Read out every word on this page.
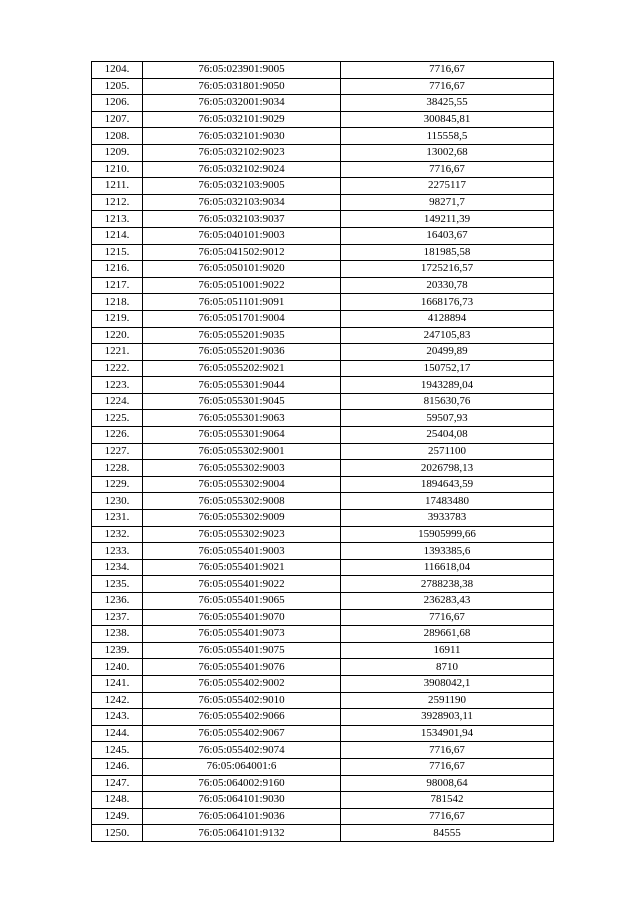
1204.	76:05:023901:9005	7716,67
1205.	76:05:031801:9050	7716,67
1206.	76:05:032001:9034	38425,55
1207.	76:05:032101:9029	300845,81
1208.	76:05:032101:9030	115558,5
1209.	76:05:032102:9023	13002,68
1210.	76:05:032102:9024	7716,67
1211.	76:05:032103:9005	2275117
1212.	76:05:032103:9034	98271,7
1213.	76:05:032103:9037	149211,39
1214.	76:05:040101:9003	16403,67
1215.	76:05:041502:9012	181985,58
1216.	76:05:050101:9020	1725216,57
1217.	76:05:051001:9022	20330,78
1218.	76:05:051101:9091	1668176,73
1219.	76:05:051701:9004	4128894
1220.	76:05:055201:9035	247105,83
1221.	76:05:055201:9036	20499,89
1222.	76:05:055202:9021	150752,17
1223.	76:05:055301:9044	1943289,04
1224.	76:05:055301:9045	815630,76
1225.	76:05:055301:9063	59507,93
1226.	76:05:055301:9064	25404,08
1227.	76:05:055302:9001	2571100
1228.	76:05:055302:9003	2026798,13
1229.	76:05:055302:9004	1894643,59
1230.	76:05:055302:9008	17483480
1231.	76:05:055302:9009	3933783
1232.	76:05:055302:9023	15905999,66
1233.	76:05:055401:9003	1393385,6
1234.	76:05:055401:9021	116618,04
1235.	76:05:055401:9022	2788238,38
1236.	76:05:055401:9065	236283,43
1237.	76:05:055401:9070	7716,67
1238.	76:05:055401:9073	289661,68
1239.	76:05:055401:9075	16911
1240.	76:05:055401:9076	8710
1241.	76:05:055402:9002	3908042,1
1242.	76:05:055402:9010	2591190
1243.	76:05:055402:9066	3928903,11
1244.	76:05:055402:9067	1534901,94
1245.	76:05:055402:9074	7716,67
1246.	76:05:064001:6	7716,67
1247.	76:05:064002:9160	98008,64
1248.	76:05:064101:9030	781542
1249.	76:05:064101:9036	7716,67
1250.	76:05:064101:9132	84555
